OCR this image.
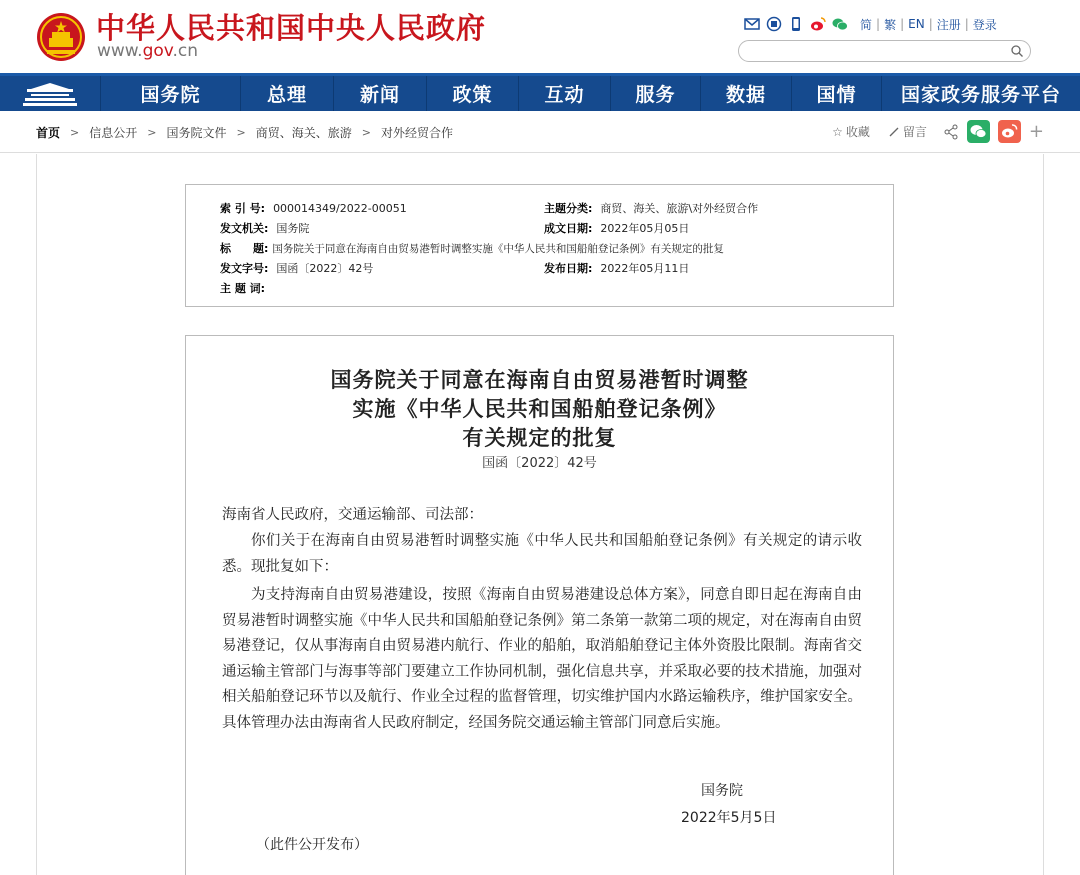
中华人民共和国中央人民政府
www.gov.cn
简 | 繁 | EN | 注册 | 登录
国务院	总理	新闻	政策	互动	服务	数据	国情	国家政务服务平台
首页 > 信息公开 > 国务院文件 > 商贸、海关、旅游 > 对外经贸合作	☆ 收藏	留言	+
索 引 号: 000014349/2022-00051	主题分类: 商贸、海关、旅游\对外经贸合作
发文机关: 国务院	成文日期: 2022年05月05日
标　　题: 国务院关于同意在海南自由贸易港暂时调整实施《中华人民共和国船舶登记条例》有关规定的批复
发文字号: 国函〔2022〕42号	发布日期: 2022年05月11日
主 题 词:
国务院关于同意在海南自由贸易港暂时调整
实施《中华人民共和国船舶登记条例》
有关规定的批复
国函〔2022〕42号
海南省人民政府，交通运输部、司法部：
你们关于在海南自由贸易港暂时调整实施《中华人民共和国船舶登记条例》有关规定的请示收悉。现批复如下：
为支持海南自由贸易港建设，按照《海南自由贸易港建设总体方案》，同意自即日起在海南自由贸易港暂时调整实施《中华人民共和国船舶登记条例》第二条第一款第二项的规定，对在海南自由贸易港登记，仅从事海南自由贸易港内航行、作业的船舶，取消船舶登记主体外资股比限制。海南省交通运输主管部门与海事等部门要建立工作协同机制，强化信息共享，并采取必要的技术措施，加强对相关船舶登记环节以及航行、作业全过程的监督管理，切实维护国内水路运输秩序，维护国家安全。具体管理办法由海南省人民政府制定，经国务院交通运输主管部门同意后实施。
国务院
2022年5月5日
（此件公开发布）
